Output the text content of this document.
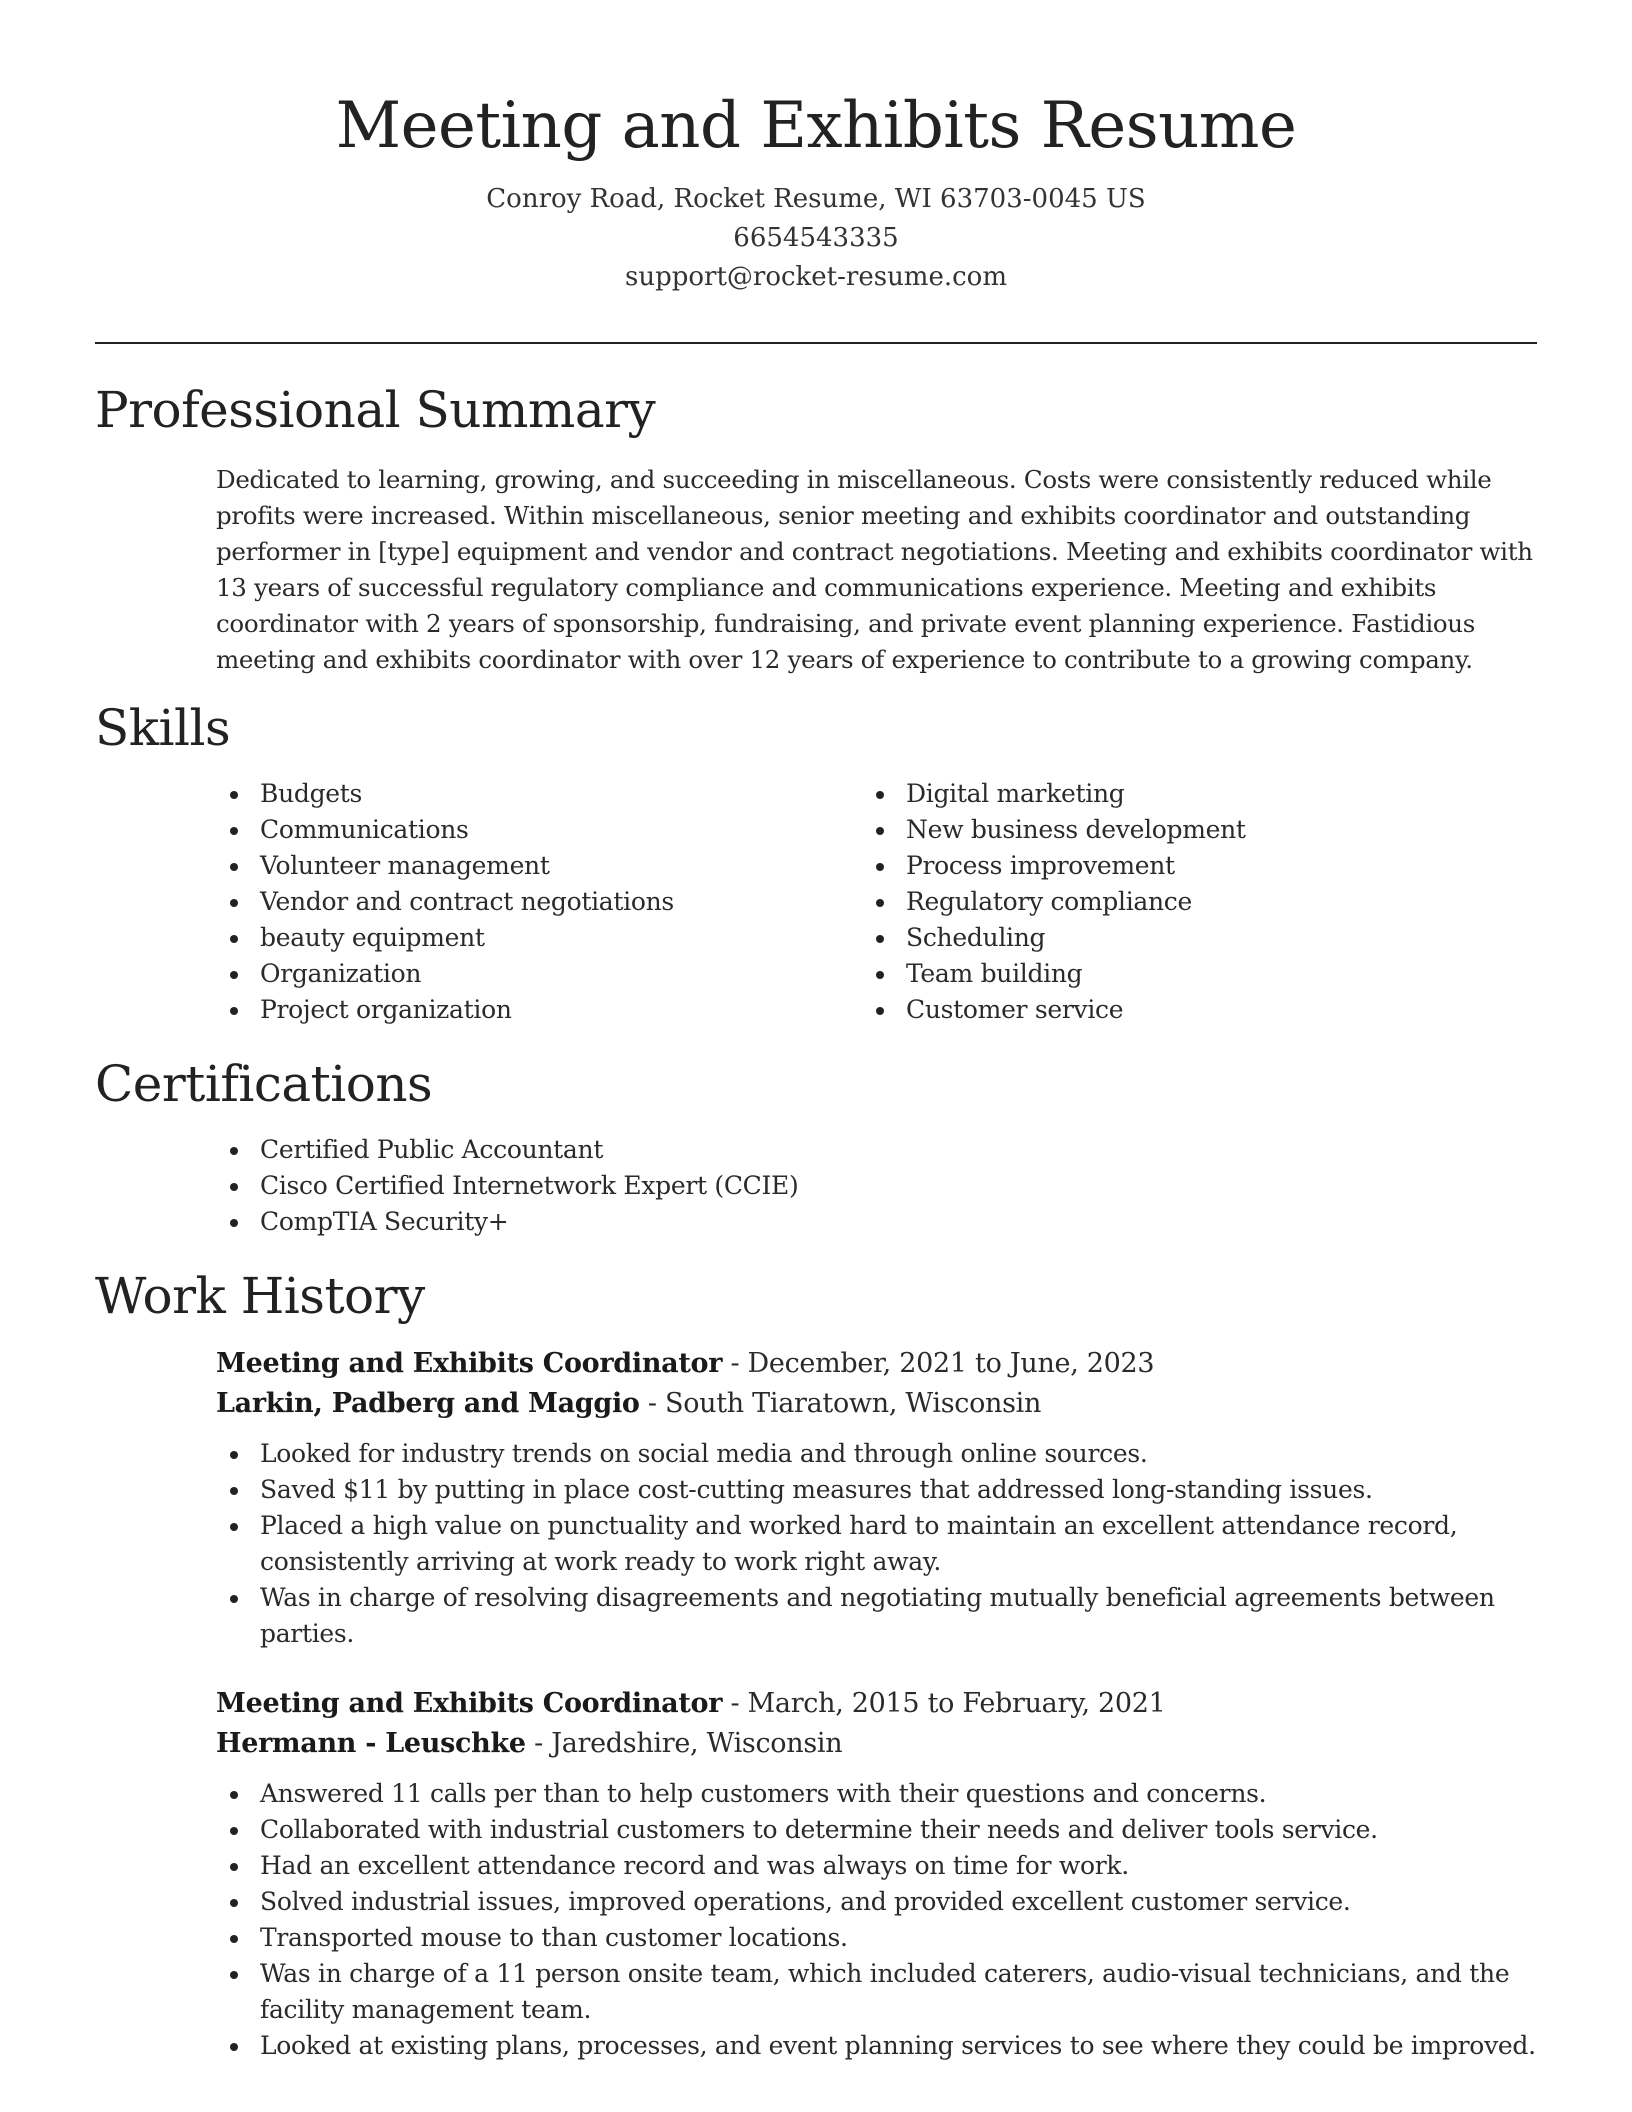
Meeting and Exhibits Resume
Conroy Road, Rocket Resume, WI 63703-0045 US
6654543335
support@rocket-resume.com
Professional Summary

Dedicated to learning, growing, and succeeding in miscellaneous. Costs were consistently reduced while profits were increased. Within miscellaneous, senior meeting and exhibits coordinator and outstanding performer in [type] equipment and vendor and contract negotiations. Meeting and exhibits coordinator with 13 years of successful regulatory compliance and communications experience. Meeting and exhibits coordinator with 2 years of sponsorship, fundraising, and private event planning experience. Fastidious meeting and exhibits coordinator with over 12 years of experience to contribute to a growing company.

Skills
Budgets
Communications
Volunteer management
Vendor and contract negotiations
beauty equipment
Organization
Project organization
Digital marketing
New business development
Process improvement
Regulatory compliance
Scheduling
Team building
Customer service
Certifications
Certified Public Accountant
Cisco Certified Internetwork Expert (CCIE)
CompTIA Security+
Work History
Meeting and Exhibits Coordinator - December, 2021 to June, 2023
Larkin, Padberg and Maggio - South Tiaratown, Wisconsin
Looked for industry trends on social media and through online sources.
Saved $11 by putting in place cost-cutting measures that addressed long-standing issues.
Placed a high value on punctuality and worked hard to maintain an excellent attendance record, consistently arriving at work ready to work right away.
Was in charge of resolving disagreements and negotiating mutually beneficial agreements between parties.
Meeting and Exhibits Coordinator - March, 2015 to February, 2021
Hermann - Leuschke - Jaredshire, Wisconsin
Answered 11 calls per than to help customers with their questions and concerns.
Collaborated with industrial customers to determine their needs and deliver tools service.
Had an excellent attendance record and was always on time for work.
Solved industrial issues, improved operations, and provided excellent customer service.
Transported mouse to than customer locations.
Was in charge of a 11 person onsite team, which included caterers, audio-visual technicians, and the facility management team.
Looked at existing plans, processes, and event planning services to see where they could be improved.
